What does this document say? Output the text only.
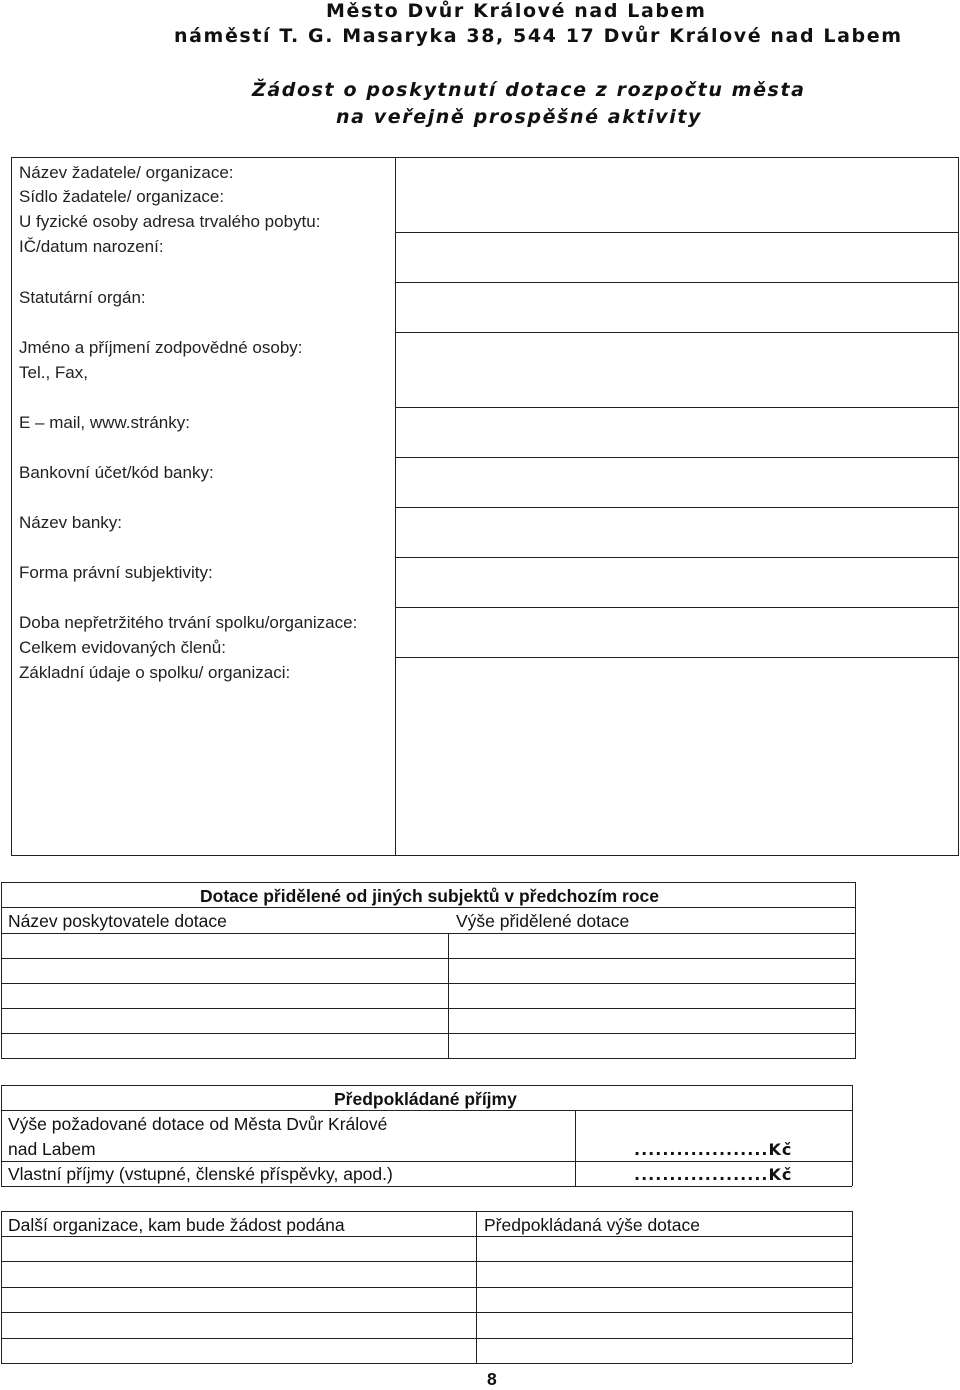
Město Dvůr Králové nad Labem
náměstí T. G. Masaryka 38, 544 17 Dvůr Králové nad Labem
Žádost o poskytnutí dotace z rozpočtu města
na veřejně prospěšné aktivity
Název žadatele/ organizace:
Sídlo žadatele/ organizace:
U fyzické osoby adresa trvalého pobytu:
IČ/datum narození:
Statutární orgán:
Jméno a příjmení zodpovědné osoby:
Tel., Fax,
E – mail, www.stránky:
Bankovní účet/kód banky:
Název banky:
Forma právní subjektivity:
Doba nepřetržitého trvání spolku/organizace:
Celkem evidovaných členů:
Základní údaje o spolku/ organizaci:
Dotace přidělené od jiných subjektů v předchozím roce
Název poskytovatele dotace	Výše přidělené dotace
Předpokládané příjmy
Výše požadované dotace od Města Dvůr Králové
nad Labem	...................Kč
Vlastní příjmy (vstupné, členské příspěvky, apod.)	...................Kč
Další organizace, kam bude žádost podána	Předpokládaná výše dotace
8
